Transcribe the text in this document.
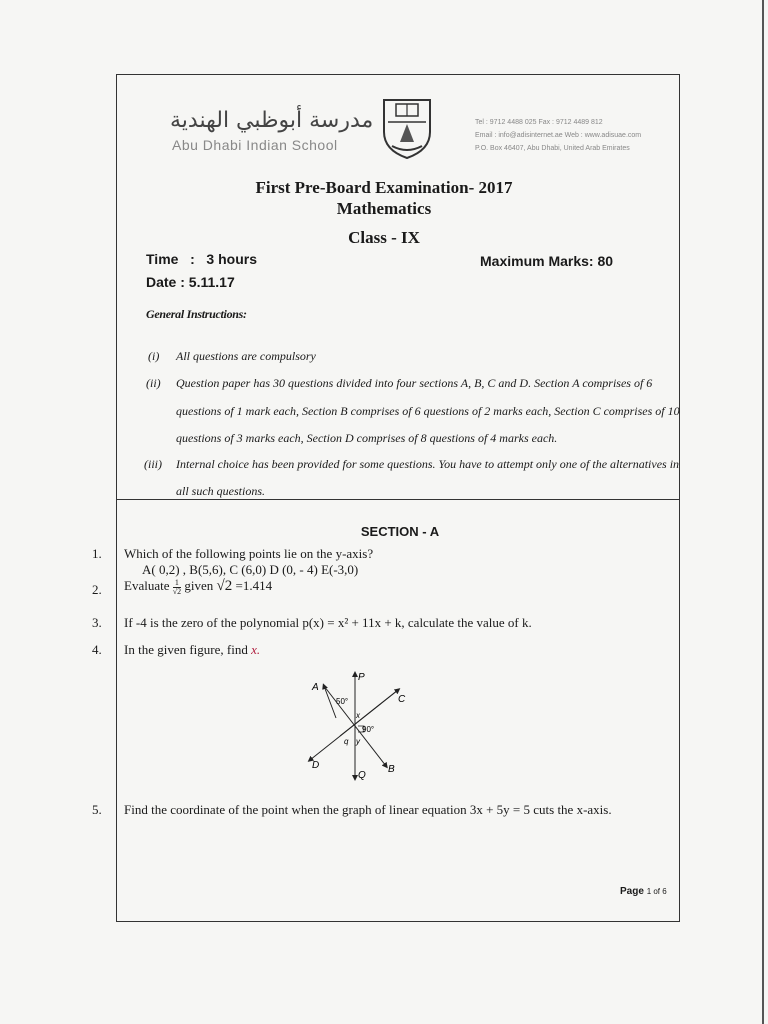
مدرسة أبوظبي الهندية
Abu Dhabi Indian School
Tel : 9712 4488 025 Fax : 9712 4489 812
Email : info@adisinternet.ae Web : www.adisuae.com
P.O. Box 46407, Abu Dhabi, United Arab Emirates
First Pre-Board Examination- 2017
Mathematics
Class - IX
Time   :   3 hours	Maximum Marks: 80
Date : 5.11.17
General Instructions:
(i) All questions are compulsory
(ii) Question paper has 30 questions divided into four sections A, B, C and D. Section A comprises of 6
questions of 1 mark each, Section B comprises of 6 questions of 2 marks each, Section C comprises of 10
questions of 3 marks each, Section D comprises of 8 questions of 4 marks each.
(iii) Internal choice has been provided for some questions. You have to attempt only one of the alternatives in
all such questions.
SECTION - A
1. Which of the following points lie on the y-axis?
A( 0,2) , B(5,6), C (6,0) D (0, - 4) E(-3,0)
2. Evaluate $\frac{1}{√2}$ given √2 =1.414
3. If -4 is the zero of the polynomial p(x) = x² + 11x + k, calculate the value of k.
4. In the given figure, find x.
A
P
C
D
Q
B
50°
90°
x
y
q
5. Find the coordinate of the point when the graph of linear equation 3x + 5y = 5 cuts the x-axis.
Page 1 of 6
